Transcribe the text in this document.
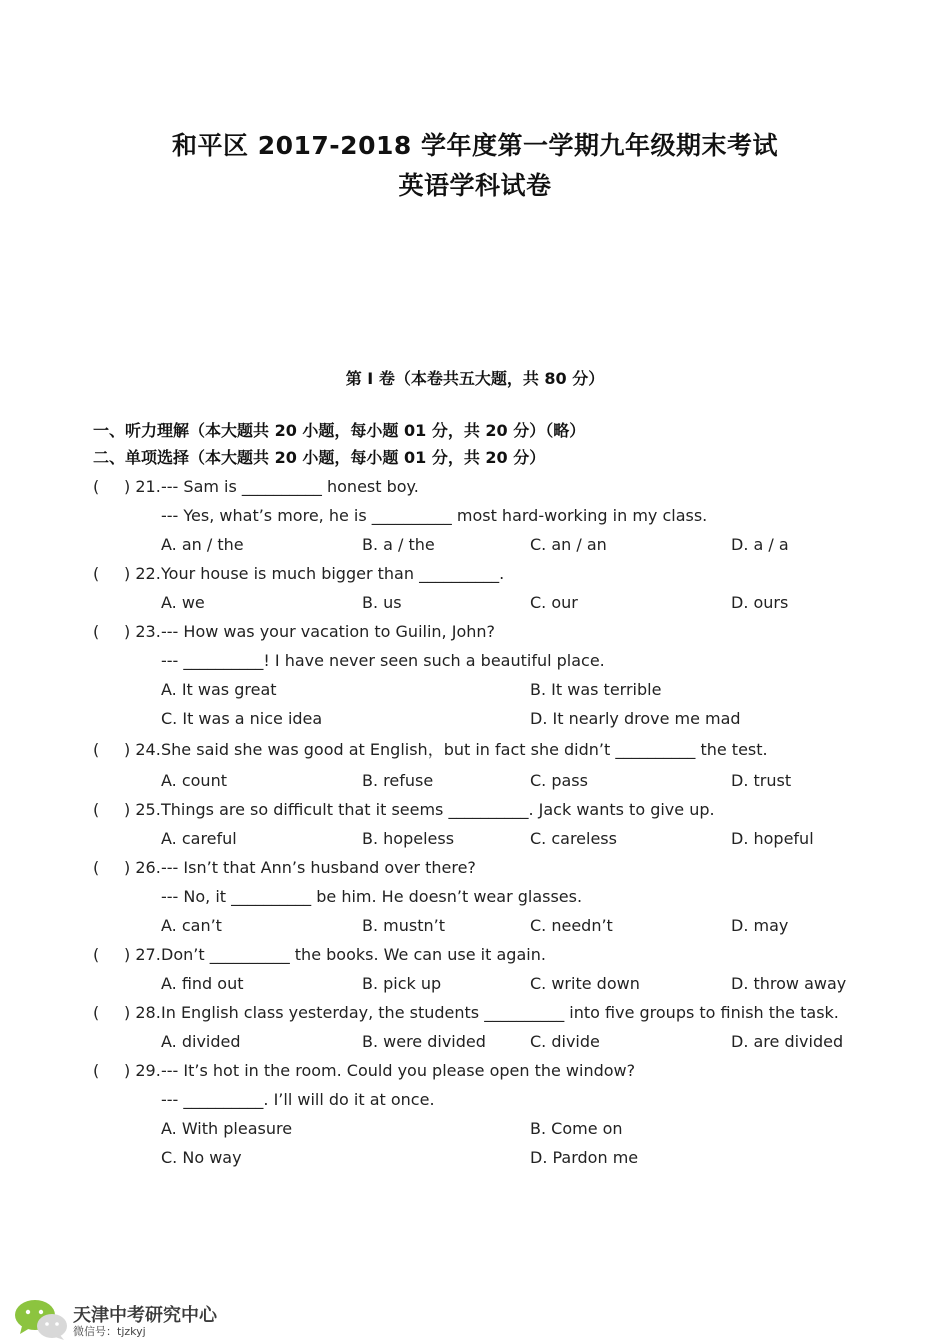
和平区 2017-2018 学年度第一学期九年级期末考试
英语学科试卷
第 I 卷（本卷共五大题，共 80 分）
一、听力理解（本大题共 20 小题，每小题 01 分，共 20 分）（略）
二、单项选择（本大题共 20 小题，每小题 01 分，共 20 分）
( ) 21. --- Sam is __________ honest boy.
--- Yes, what’s more, he is __________ most hard-working in my class.
A. an / the	B. a / the	C. an / an	D. a / a
( ) 22. Your house is much bigger than __________.
A. we	B. us	C. our	D. ours
( ) 23. --- How was your vacation to Guilin, John?
--- __________! I have never seen such a beautiful place.
A. It was great	B. It was terrible
C. It was a nice idea	D. It nearly drove me mad
( ) 24. She said she was good at English，but in fact she didn’t __________ the test.
A. count	B. refuse	C. pass	D. trust
( ) 25. Things are so difficult that it seems __________. Jack wants to give up.
A. careful	B. hopeless	C. careless	D. hopeful
( ) 26. --- Isn’t that Ann’s husband over there?
--- No, it __________ be him. He doesn’t wear glasses.
A. can’t	B. mustn’t	C. needn’t	D. may
( ) 27. Don’t __________ the books. We can use it again.
A. find out	B. pick up	C. write down	D. throw away
( ) 28. In English class yesterday, the students __________ into five groups to finish the task.
A. divided	B. were divided	C. divide	D. are divided
( ) 29. --- It’s hot in the room. Could you please open the window?
--- __________. I’ll will do it at once.
A. With pleasure	B. Come on
C. No way	D. Pardon me
天津中考研究中心
微信号：tjzkyj
